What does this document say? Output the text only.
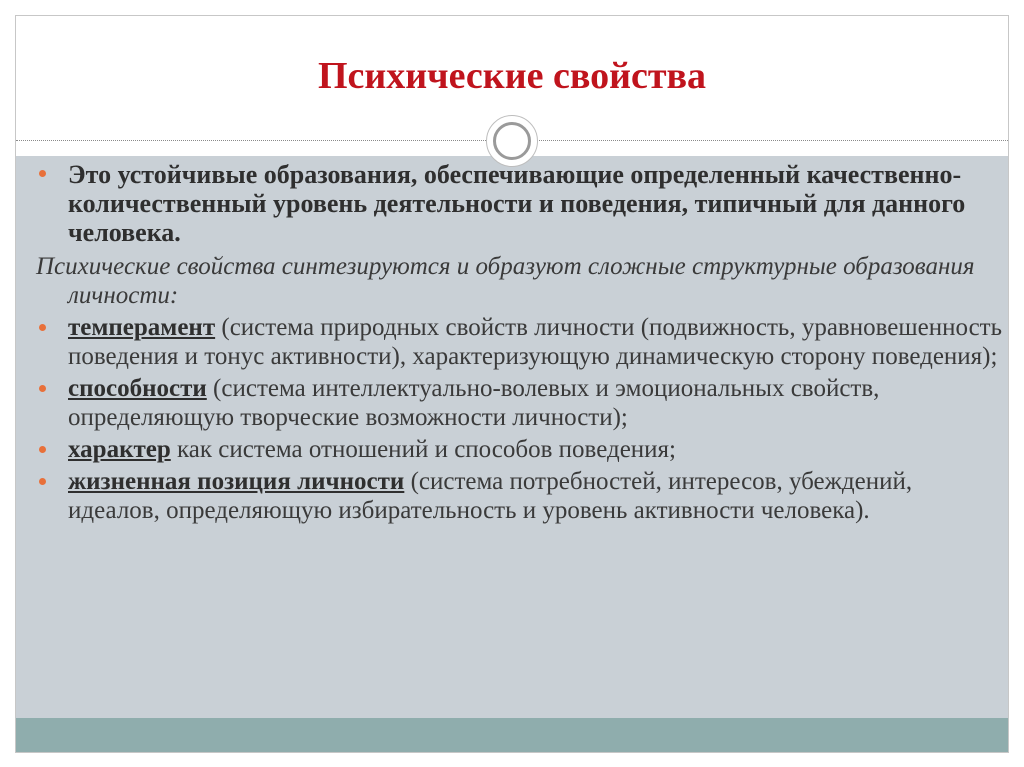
Психические свойства
Это устойчивые образования, обеспечивающие определенный качественно-количественный уровень деятельности и поведения, типичный для данного человека.
Психические свойства синтезируются и образуют сложные структурные образования личности:
темперамент (система природных свойств личности (подвижность, уравновешенность поведения и тонус активности), характеризующую динамическую сторону поведения);
способности (система интеллектуально-волевых и эмоциональных свойств, определяющую творческие возможности личности);
характер как система отношений и способов поведения;
жизненная позиция личности (система потребностей, интересов, убеждений, идеалов, определяющую избирательность и уровень активности человека).
